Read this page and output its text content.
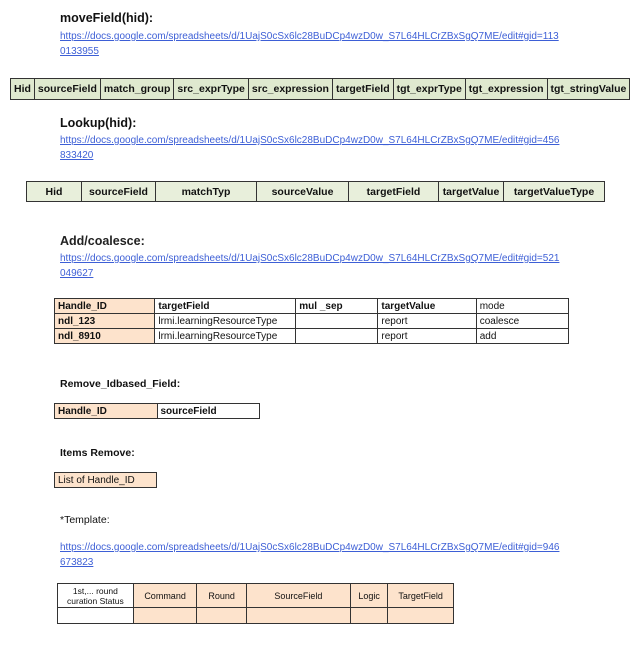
moveField(hid):
https://docs.google.com/spreadsheets/d/1UajS0cSx6lc28BuDCp4wzD0w_S7L64HLCrZBxSgQ7ME/edit#gid=1130133955
Hid	sourceField	match_group	src_exprType	src_expression	targetField	tgt_exprType	tgt_expression	tgt_stringValue
Lookup(hid):
https://docs.google.com/spreadsheets/d/1UajS0cSx6lc28BuDCp4wzD0w_S7L64HLCrZBxSgQ7ME/edit#gid=456833420
Hid	sourceField	matchTyp	sourceValue	targetField	targetValue	targetValueType
Add/coalesce:
https://docs.google.com/spreadsheets/d/1UajS0cSx6lc28BuDCp4wzD0w_S7L64HLCrZBxSgQ7ME/edit#gid=521049627
Handle_ID	targetField	mul _sep	targetValue	mode
ndl_123	lrmi.learningResourceType		report	coalesce
ndl_8910	lrmi.learningResourceType		report	add
Remove_Idbased_Field:
Handle_ID	sourceField
Items Remove:
List of Handle_ID
*Template:
https://docs.google.com/spreadsheets/d/1UajS0cSx6lc28BuDCp4wzD0w_S7L64HLCrZBxSgQ7ME/edit#gid=946673823
1st,... round
curation Status	Command	Round	SourceField	Logic	TargetField
